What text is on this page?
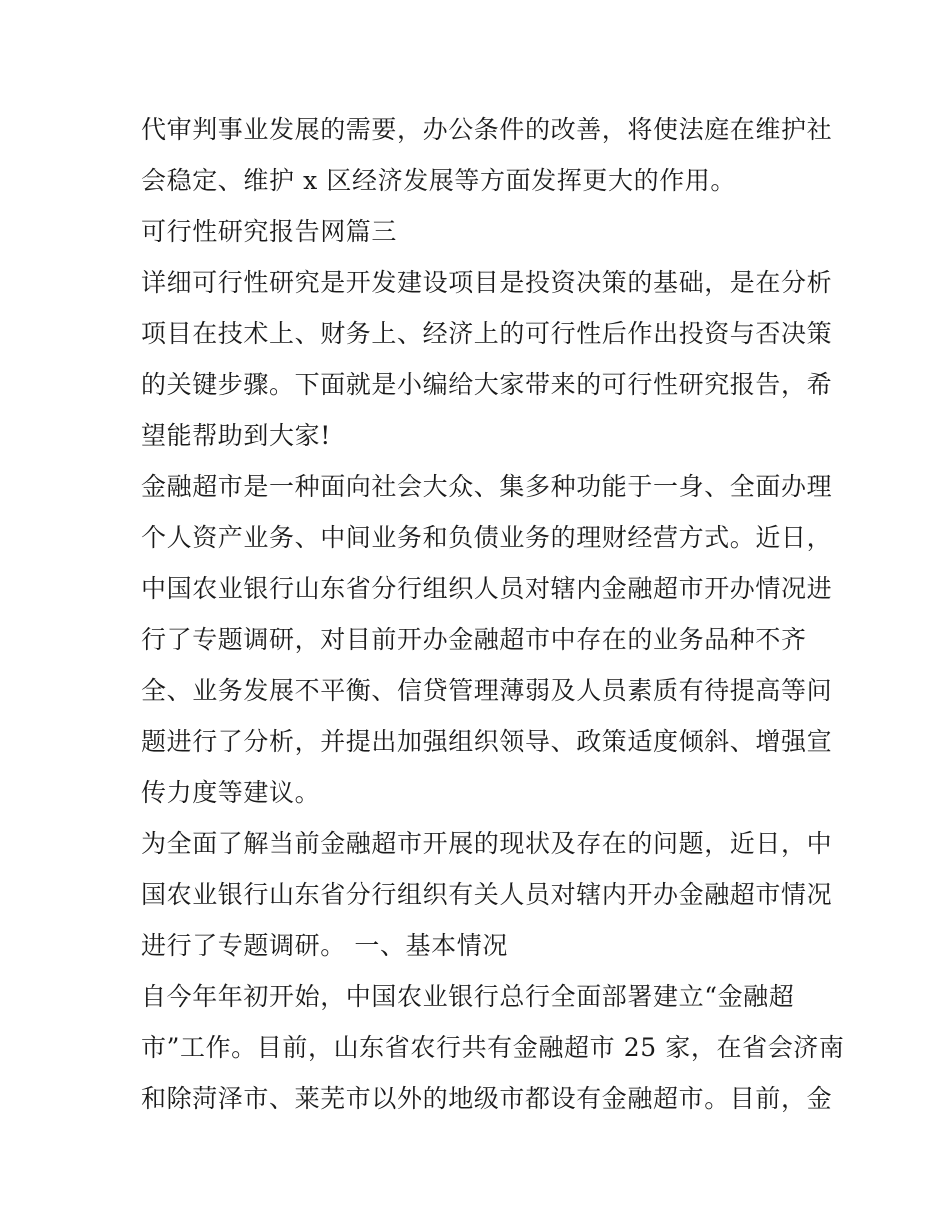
代审判事业发展的需要，办公条件的改善，将使法庭在维护社
会稳定、维护 x 区经济发展等方面发挥更大的作用。
可行性研究报告网篇三
详细可行性研究是开发建设项目是投资决策的基础，是在分析
项目在技术上、财务上、经济上的可行性后作出投资与否决策
的关键步骤。下面就是小编给大家带来的可行性研究报告，希
望能帮助到大家!
金融超市是一种面向社会大众、集多种功能于一身、全面办理
个人资产业务、中间业务和负债业务的理财经营方式。近日，
中国农业银行山东省分行组织人员对辖内金融超市开办情况进
行了专题调研，对目前开办金融超市中存在的业务品种不齐
全、业务发展不平衡、信贷管理薄弱及人员素质有待提高等问
题进行了分析，并提出加强组织领导、政策适度倾斜、增强宣
传力度等建议。
为全面了解当前金融超市开展的现状及存在的问题，近日，中
国农业银行山东省分行组织有关人员对辖内开办金融超市情况
进行了专题调研。 一、基本情况
自今年年初开始，中国农业银行总行全面部署建立“金融超
市”工作。目前，山东省农行共有金融超市 25 家，在省会济南
和除菏泽市、莱芜市以外的地级市都设有金融超市。目前，金
